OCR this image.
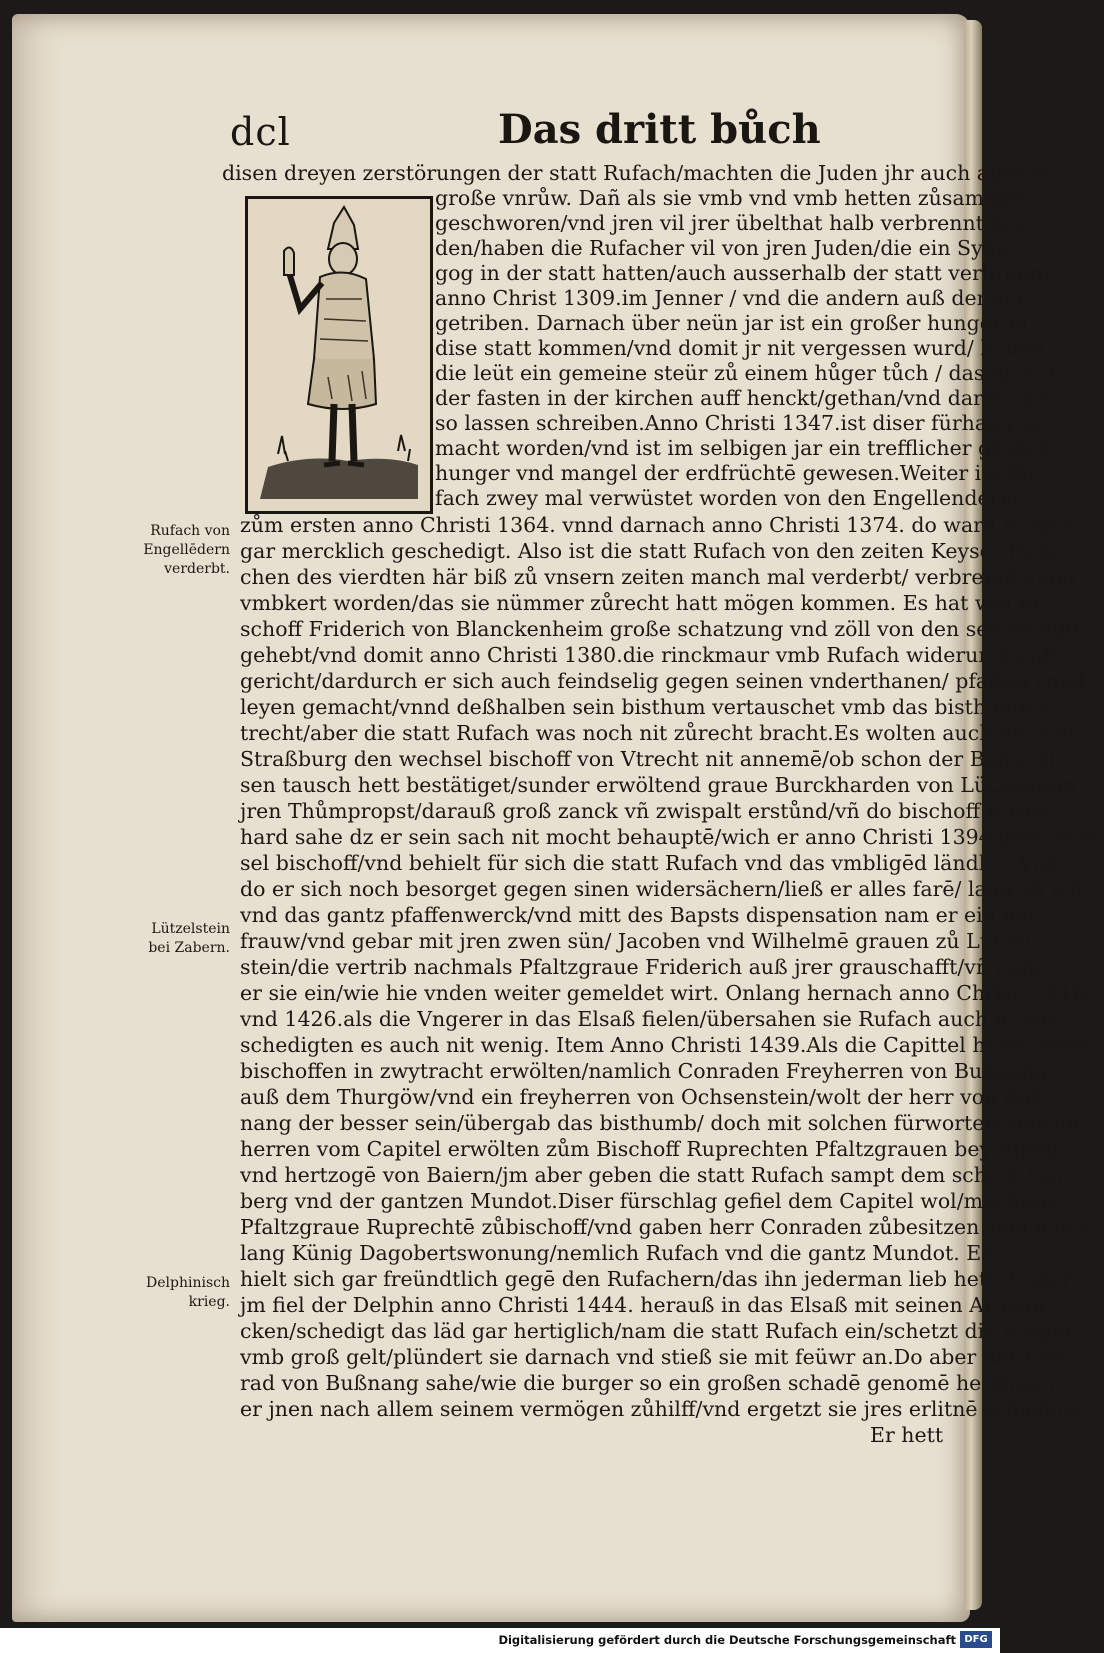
dcl	Das dritt bůch
disen dreyen zerstörungen der statt Rufach/machten die Juden jhr auch aber ein
große vnrůw. Dañ als sie vmb vnd vmb hetten zůsammen
geschworen/vnd jren vil jrer übelthat halb verbrennt wor
den/haben die Rufacher vil von jren Juden/die ein Syna
gog in der statt hatten/auch ausserhalb der statt verbrennt
anno Christ 1309.im Jenner / vnd die andern auß der statt
getriben. Darnach über neün jar ist ein großer hunger in
dise statt kommen/vnd domit jr nit vergessen wurd/ haben
die leüt ein gemeine steür zů einem hůger tůch / das man in
der fasten in der kirchen auff henckt/gethan/vnd darein als
so lassen schreiben.Anno Christi 1347.ist diser fürhang ge
macht worden/vnd ist im selbigen jar ein trefflicher großer
hunger vnd mangel der erdfrüchtē gewesen.Weiter ist Ru
fach zwey mal verwüstet worden von den Engellendern/
zům ersten anno Christi 1364. vnnd darnach anno Christi 1374. do ward Rufach
gar mercklich geschedigt. Also ist die statt Rufach von den zeiten Keyser Henri
chen des vierdten här biß zů vnsern zeiten manch mal verderbt/ verbrennt vnnd
vmbkert worden/das sie nümmer zůrecht hatt mögen kommen. Es hat wol Bi
schoff Friderich von Blanckenheim große schatzung vnd zöll von den seinen auff
gehebt/vnd domit anno Christi 1380.die rinckmaur vmb Rufach widerumb auff
gericht/dardurch er sich auch feindselig gegen seinen vnderthanen/ pfaffen vnnd
leyen gemacht/vnnd deßhalben sein bisthum vertauschet vmb das bisthumb V
trecht/aber die statt Rufach was noch nit zůrecht bracht.Es wolten auch die von
Straßburg den wechsel bischoff von Vtrecht nit annemē/ob schon der Bapst di
sen tausch hett bestätiget/sunder erwöltend graue Burckharden von Lützelstein
jren Thůmpropst/darauß groß zanck vñ zwispalt erstůnd/vñ do bischoff Burck
hard sahe dz er sein sach nit mocht behauptē/wich er anno Christi 1394.dem wech
sel bischoff/vnd behielt für sich die statt Rufach vnd das vmbligēd ländlin. Vnd
do er sich noch besorget gegen sinen widersächern/ließ er alles farē/ land vñ leüt/
vnd das gantz pfaffenwerck/vnd mitt des Bapsts dispensation nam er ein hauß
frauw/vnd gebar mit jren zwen sün/ Jacoben vnd Wilhelmē grauen zů Lützel
stein/die vertrib nachmals Pfaltzgraue Friderich auß jrer grauschafft/vñ nam
er sie ein/wie hie vnden weiter gemeldet wirt. Onlang hernach anno Christi 1416.
vnd 1426.als die Vngerer in das Elsaß fielen/übersahen sie Rufach auch nit/sie
schedigten es auch nit wenig. Item Anno Christi 1439.Als die Capittel herrē zwen
bischoffen in zwytracht erwölten/namlich Conraden Freyherren von Bußnang
auß dem Thurgöw/vnd ein freyherren von Ochsenstein/wolt der herr von Buß
nang der besser sein/übergab das bisthumb/ doch mit solchen fürworten/ das die
herren vom Capitel erwölten zům Bischoff Ruprechten Pfaltzgrauen bey Rhein
vnd hertzogē von Baiern/jm aber geben die statt Rufach sampt dem schloß Isen
berg vnd der gantzen Mundot.Diser fürschlag gefiel dem Capitel wol/machten
Pfaltzgraue Ruprechtē zůbischoff/vnd gaben herr Conraden zůbesitzen sein leben
lang Künig Dagobertswonung/nemlich Rufach vnd die gantz Mundot. Er
hielt sich gar freündtlich gegē den Rufachern/das ihn jederman lieb hett. Vnder
jm fiel der Delphin anno Christi 1444. herauß in das Elsaß mit seinen Armeni
cken/schedigt das läd gar hertiglich/nam die statt Rufach ein/schetzt die burger
vmb groß gelt/plündert sie darnach vnd stieß sie mit feüwr an.Do aber her Con
rad von Bußnang sahe/wie die burger so ein großen schadē genomē hettē/kam
er jnen nach allem seinem vermögen zůhilff/vnd ergetzt sie jres erlitnē schadens.
Er hett
Rufach von Engellēdern verderbt.
Lützelstein bei Zabern.
Delphinisch krieg.
Digitalisierung gefördert durch die Deutsche Forschungsgemeinschaft DFG
